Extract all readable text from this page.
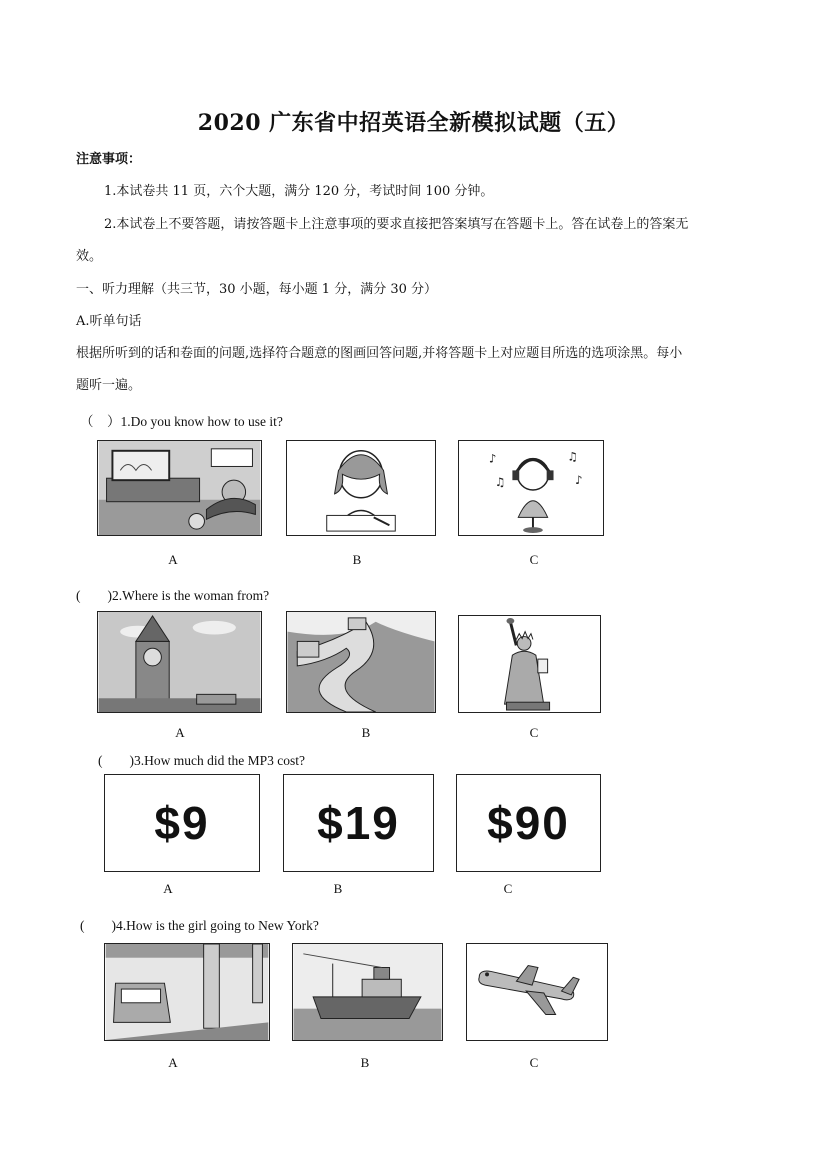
2020 广东省中招英语全新模拟试题（五）
注意事项：
1.本试卷共 11 页，六个大题，满分 120 分，考试时间 100 分钟。
2.本试卷上不要答题，请按答题卡上注意事项的要求直接把答案填写在答题卡上。答在试卷上的答案无
效。
一、听力理解（共三节，30 小题，每小题 1 分，满分 30 分）
A.听单句话
根据所听到的话和卷面的问题,选择符合题意的图画回答问题,并将答题卡上对应题目所选的选项涂黑。每小
题听一遍。
（　）1.Do you know how to use it?
♪	♫
♪
♫
A	B	C
(　　)2.Where is the woman from?
A	B	C
(　　)3.How much did the MP3 cost?
$9	$19	$90
A	B	C
(　　)4.How is the girl going to New York?
A	B	C
